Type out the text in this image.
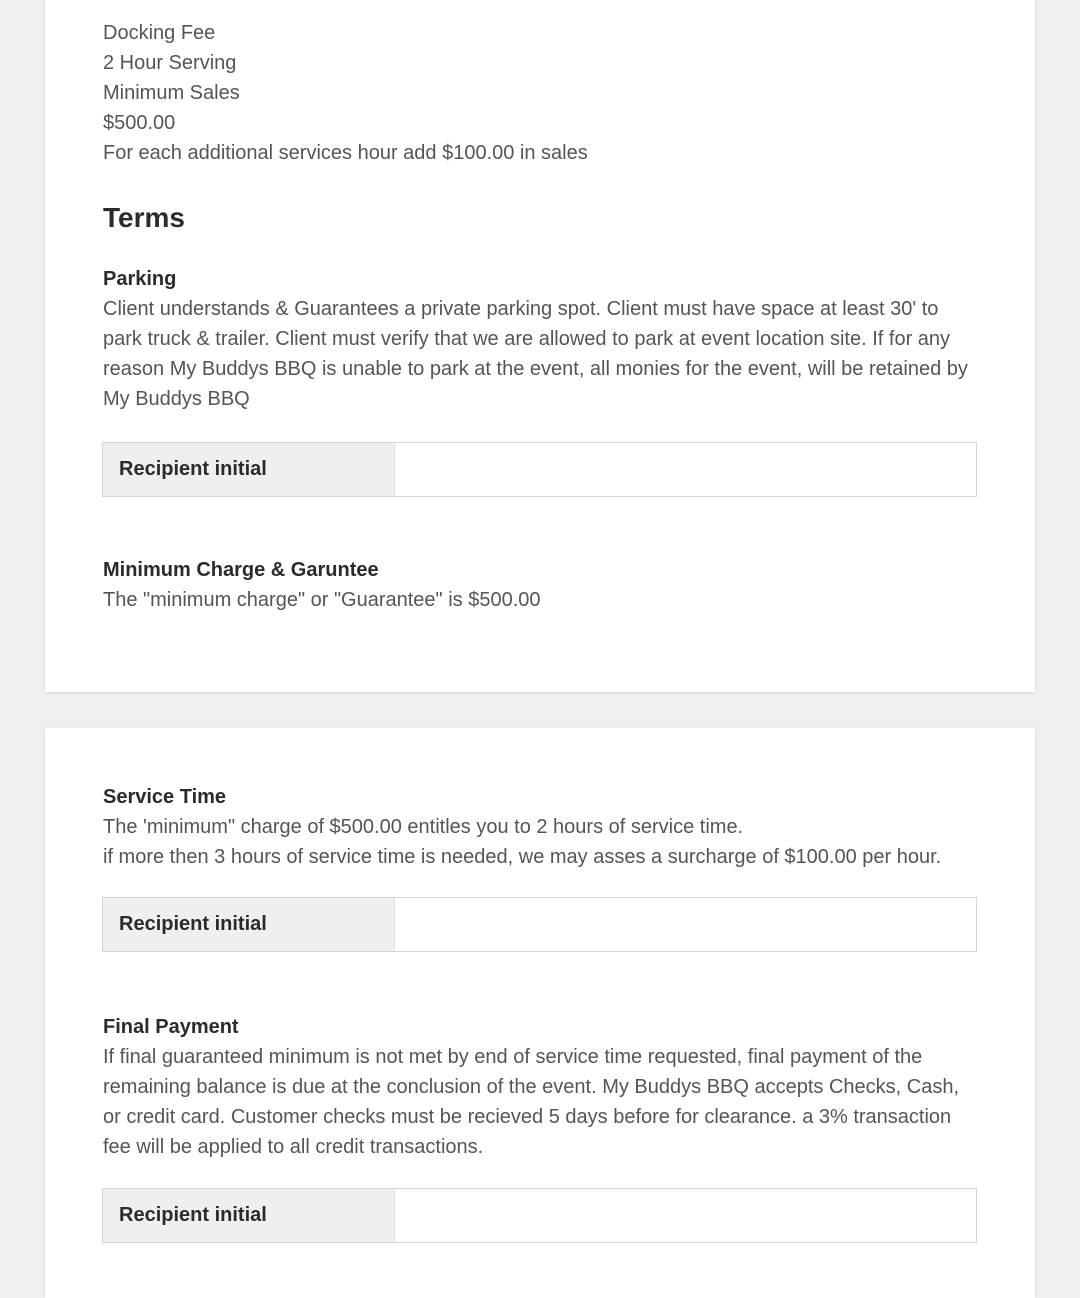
Docking Fee

2 Hour Serving

Minimum Sales

$500.00

For each additional services hour add $100.00 in sales

Terms

Parking

Client understands & Guarantees a private parking spot. Client must have space at least 30' to park truck & trailer. Client must verify that we are allowed to park at event location site. If for any reason My Buddys BBQ is unable to park at the event, all monies for the event, will be retained by My Buddys BBQ

Recipient initial

Minimum Charge & Garuntee

The "minimum charge" or "Guarantee" is $500.00

Service Time

The 'minimum" charge of $500.00 entitles you to 2 hours of service time.

if more then 3 hours of service time is needed, we may asses a surcharge of $100.00 per hour.

Recipient initial

Final Payment

If final guaranteed minimum is not met by end of service time requested, final payment of the remaining balance is due at the conclusion of the event. My Buddys BBQ accepts Checks, Cash, or credit card. Customer checks must be recieved 5 days before for clearance. a 3% transaction fee will be applied to all credit transactions.

Recipient initial
